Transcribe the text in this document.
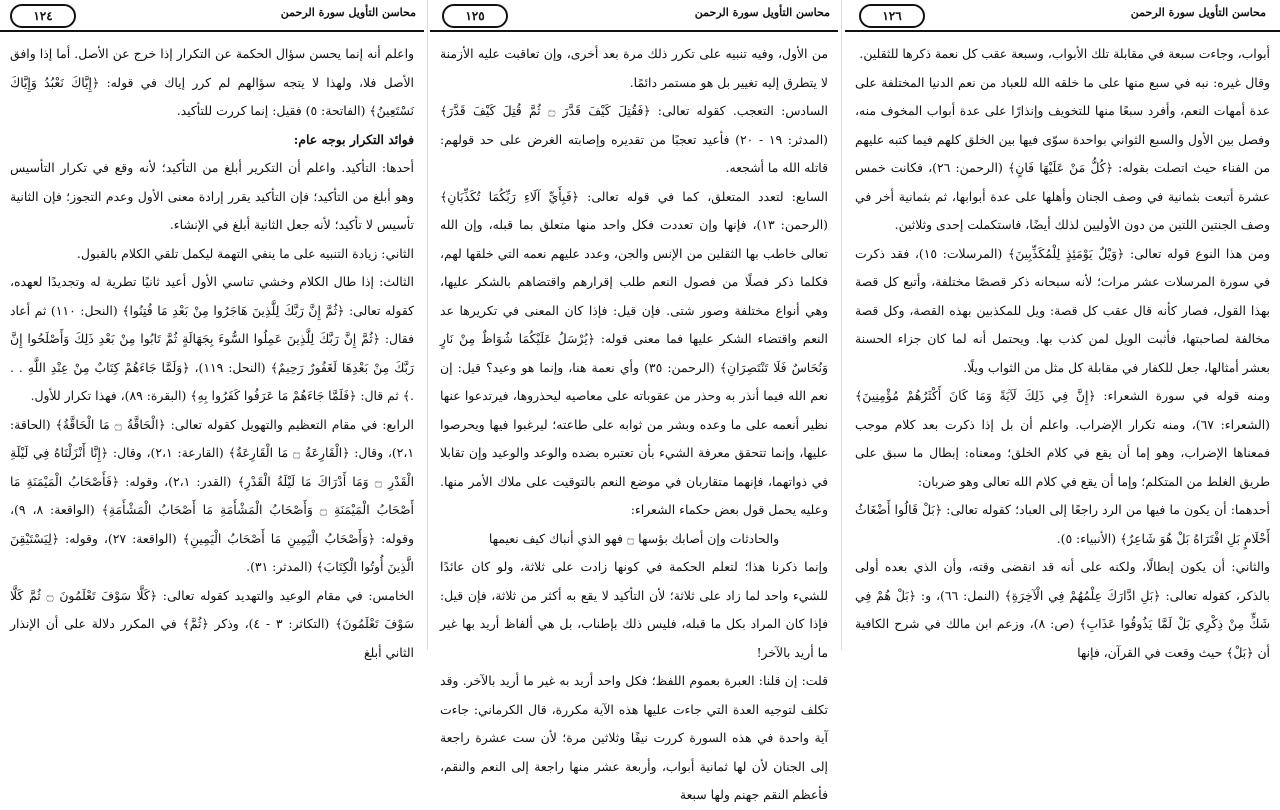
١٢٤	محاسن التأويل سورة الرحمن

واعلم أنه إنما يحسن سؤال الحكمة عن التكرار إذا خرج عن الأصل. أما إذا وافق الأصل فلا، ولهذا لا يتجه سؤالهم لم كرر إياك في قوله: ﴿إِيَّاكَ نَعْبُدُ وَإِيَّاكَ نَسْتَعِينُ﴾ (الفاتحة: ٥) فقيل: إنما كررت للتأكيد.

فوائد التكرار بوجه عام:

أحدها: التأكيد. واعلم أن التكرير أبلغ من التأكيد؛ لأنه وقع في تكرار التأسيس وهو أبلغ من التأكيد؛ فإن التأكيد يقرر إرادة معنى الأول وعدم التجوز؛ فإن الثانية تأسيس لا تأكيد؛ لأنه جعل الثانية أبلغ في الإنشاء.

الثاني: زيادة التنبيه على ما ينفي التهمة ليكمل تلقي الكلام بالقبول.

الثالث: إذا طال الكلام وخشي تناسي الأول أعيد ثانيًا تطرية له وتجديدًا لعهده، كقوله تعالى: ﴿ثُمَّ إِنَّ رَبَّكَ لِلَّذِينَ هَاجَرُوا مِنْ بَعْدِ مَا فُتِنُوا﴾ (النحل: ١١٠) ثم أعاد فقال: ﴿ثُمَّ إِنَّ رَبَّكَ لِلَّذِينَ عَمِلُوا السُّوءَ بِجَهَالَةٍ ثُمَّ تَابُوا مِنْ بَعْدِ ذَلِكَ وَأَصْلَحُوا إِنَّ رَبَّكَ مِنْ بَعْدِهَا لَغَفُورٌ رَحِيمٌ﴾ (النحل: ١١٩)، ﴿وَلَمَّا جَاءَهُمْ كِتَابٌ مِنْ عِنْدِ اللَّهِ . . .﴾ ثم قال: ﴿فَلَمَّا جَاءَهُمْ مَا عَرَفُوا كَفَرُوا بِهِ﴾ (البقرة: ٨٩)، فهذا تكرار للأول.

الرابع: في مقام التعظيم والتهويل كقوله تعالى: ﴿الْحَاقَّةُ ۝ مَا الْحَاقَّةُ﴾ (الحاقة: ٢،١)، وقال: ﴿الْقَارِعَةُ ۝ مَا الْقَارِعَةُ﴾ (القارعة: ٢،١)، وقال: ﴿إِنَّا أَنْزَلْنَاهُ فِي لَيْلَةِ الْقَدْرِ ۝ وَمَا أَدْرَاكَ مَا لَيْلَةُ الْقَدْرِ﴾ (القدر: ٢،١)، وقوله: ﴿فَأَصْحَابُ الْمَيْمَنَةِ مَا أَصْحَابُ الْمَيْمَنَةِ ۝ وَأَصْحَابُ الْمَشْأَمَةِ مَا أَصْحَابُ الْمَشْأَمَةِ﴾ (الواقعة: ٨، ٩)، وقوله: ﴿وَأَصْحَابُ الْيَمِينِ مَا أَصْحَابُ الْيَمِينِ﴾ (الواقعة: ٢٧)، وقوله: ﴿لِيَسْتَيْقِنَ الَّذِينَ أُوتُوا الْكِتَابَ﴾ (المدثر: ٣١).

الخامس: في مقام الوعيد والتهديد كقوله تعالى: ﴿كَلَّا سَوْفَ تَعْلَمُونَ ۝ ثُمَّ كَلَّا سَوْفَ تَعْلَمُونَ﴾ (التكاثر: ٣ - ٤)، وذكر ﴿ثُمَّ﴾ في المكرر دلالة على أن الإنذار الثاني أبلغ

١٢٥	محاسن التأويل سورة الرحمن

من الأول، وفيه تنبيه على تكرر ذلك مرة بعد أخرى، وإن تعاقبت عليه الأزمنة لا يتطرق إليه تغيير بل هو مستمر دائمًا.

السادس: التعجب. كقوله تعالى: ﴿فَقُتِلَ كَيْفَ قَدَّرَ ۝ ثُمَّ قُتِلَ كَيْفَ قَدَّرَ﴾ (المدثر: ١٩ - ٢٠) فأعيد تعجبًا من تقديره وإصابته الغرض على حد قولهم: قاتله الله ما أشجعه.

السابع: لتعدد المتعلق، كما في قوله تعالى: ﴿فَبِأَيِّ آلَاءِ رَبِّكُمَا تُكَذِّبَانِ﴾ (الرحمن: ١٣)، فإنها وإن تعددت فكل واحد منها متعلق بما قبله، وإن الله تعالى خاطب بها الثقلين من الإنس والجن، وعدد عليهم نعمه التي خلقها لهم، فكلما ذكر فصلًا من فصول النعم طلب إقرارهم واقتضاهم بالشكر عليها، وهي أنواع مختلفة وصور شتى. فإن قيل: فإذا كان المعنى في تكريرها عد النعم واقتضاء الشكر عليها فما معنى قوله: ﴿يُرْسَلُ عَلَيْكُمَا شُوَاظٌ مِنْ نَارٍ وَنُحَاسٌ فَلَا تَنْتَصِرَانِ﴾ (الرحمن: ٣٥) وأي نعمة هنا، وإنما هو وعيد؟ قيل: إن نعم الله فيما أنذر به وحذر من عقوباته على معاصيه ليحذروها، فيرتدعوا عنها نظير أنعمه على ما وعده وبشر من ثوابه على طاعته؛ ليرغبوا فيها ويحرصوا عليها، وإنما تتحقق معرفة الشيء بأن تعتبره بضده والوعد والوعيد وإن تقابلا في ذواتهما، فإنهما متقاربان في موضع النعم بالتوقيت على ملاك الأمر منها. وعليه يحمل قول بعض حكماء الشعراء:

والحادثات وإن أصابك بؤسها ۝ فهو الذي أنباك كيف نعيمها

وإنما ذكرنا هذا؛ لتعلم الحكمة في كونها زادت على ثلاثة، ولو كان عائدًا للشيء واحد لما زاد على ثلاثة؛ لأن التأكيد لا يقع به أكثر من ثلاثة، فإن قيل: فإذا كان المراد بكل ما قبله، فليس ذلك بإطناب، بل هي ألفاظ أريد بها غير ما أريد بالآخر!

قلت: إن قلنا: العبرة بعموم اللفظ؛ فكل واحد أريد به غير ما أريد بالآخر. وقد تكلف لتوجيه العدة التي جاءت عليها هذه الآية مكررة، قال الكرماني: جاءت آية واحدة في هذه السورة كررت نيفًا وثلاثين مرة؛ لأن ست عشرة راجعة إلى الجنان لأن لها ثمانية أبواب، وأربعة عشر منها راجعة إلى النعم والنقم، فأعظم النقم جهنم ولها سبعة

١٢٦	محاسن التأويل سورة الرحمن

أبواب، وجاءت سبعة في مقابلة تلك الأبواب، وسبعة عقب كل نعمة ذكرها للثقلين.

وقال غيره: نبه في سبع منها على ما خلقه الله للعباد من نعم الدنيا المختلفة على عدة أمهات النعم، وأفرد سبعًا منها للتخويف وإنذارًا على عدة أبواب المخوف منه، وفصل بين الأول والسبع الثواني بواحدة سوّى فيها بين الخلق كلهم فيما كتبه عليهم من الفناء حيث اتصلت بقوله: ﴿كُلُّ مَنْ عَلَيْهَا فَانٍ﴾ (الرحمن: ٢٦)، فكانت خمس عشرة أتبعت بثمانية في وصف الجنان وأهلها على عدة أبوابها، ثم بثمانية أخر في وصف الجنتين اللتين من دون الأوليين لذلك أيضًا، فاستكملت إحدى وثلاثين.

ومن هذا النوع قوله تعالى: ﴿وَيْلٌ يَوْمَئِذٍ لِلْمُكَذِّبِينَ﴾ (المرسلات: ١٥)، فقد ذكرت في سورة المرسلات عشر مرات؛ لأنه سبحانه ذكر قصصًا مختلفة، وأتبع كل قصة بهذا القول، فصار كأنه قال عقب كل قصة: ويل للمكذبين بهذه القصة، وكل قصة مخالفة لصاحبتها، فأثبت الويل لمن كذب بها. ويحتمل أنه لما كان جزاء الحسنة بعشر أمثالها، جعل للكفار في مقابلة كل مثل من الثواب ويلًا.

ومنه قوله في سورة الشعراء: ﴿إِنَّ فِي ذَلِكَ لَآيَةً وَمَا كَانَ أَكْثَرُهُمْ مُؤْمِنِينَ﴾ (الشعراء: ٦٧)، ومنه تكرار الإضراب. واعلم أن بل إذا ذكرت بعد كلام موجب فمعناها الإضراب، وهو إما أن يقع في كلام الخلق؛ ومعناه: إبطال ما سبق على طريق الغلط من المتكلم؛ وإما أن يقع في كلام الله تعالى وهو ضربان:

أحدهما: أن يكون ما فيها من الرد راجعًا إلى العباد؛ كقوله تعالى: ﴿بَلْ قَالُوا أَضْغَاثُ أَحْلَامٍ بَلِ افْتَرَاهُ بَلْ هُوَ شَاعِرٌ﴾ (الأنبياء: ٥).

والثاني: أن يكون إبطالًا، ولكنه على أنه قد انقضى وقته، وأن الذي بعده أولى بالذكر، كقوله تعالى: ﴿بَلِ ادَّارَكَ عِلْمُهُمْ فِي الْآخِرَةِ﴾ (النمل: ٦٦)، و: ﴿بَلْ هُمْ فِي شَكٍّ مِنْ ذِكْرِي بَلْ لَمَّا يَذُوقُوا عَذَابِ﴾ (ص: ٨)، وزعم ابن مالك في شرح الكافية أن ﴿بَلْ﴾ حيث وقعت في القرآن، فإنها
